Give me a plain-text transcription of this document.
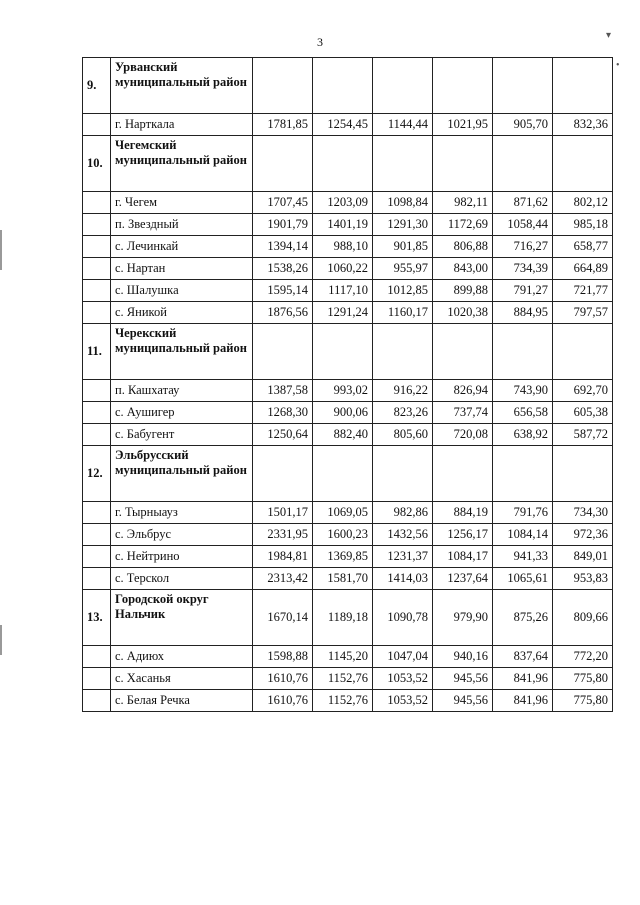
3	▾
•
9.	Урванский муниципальный район						
	г. Нарткала	1781,85	1254,45	1144,44	1021,95	905,70	832,36
10.	Чегемский муниципальный район						
	г. Чегем	1707,45	1203,09	1098,84	982,11	871,62	802,12
	п. Звездный	1901,79	1401,19	1291,30	1172,69	1058,44	985,18
	с. Лечинкай	1394,14	988,10	901,85	806,88	716,27	658,77
	с. Нартан	1538,26	1060,22	955,97	843,00	734,39	664,89
	с. Шалушка	1595,14	1117,10	1012,85	899,88	791,27	721,77
	с. Яникой	1876,56	1291,24	1160,17	1020,38	884,95	797,57
11.	Черекский муниципальный район						
	п. Кашхатау	1387,58	993,02	916,22	826,94	743,90	692,70
	с. Аушигер	1268,30	900,06	823,26	737,74	656,58	605,38
	с. Бабугент	1250,64	882,40	805,60	720,08	638,92	587,72
12.	Эльбрусский муниципальный район						
	г. Тырныауз	1501,17	1069,05	982,86	884,19	791,76	734,30
	с. Эльбрус	2331,95	1600,23	1432,56	1256,17	1084,14	972,36
	с. Нейтрино	1984,81	1369,85	1231,37	1084,17	941,33	849,01
	с. Терскол	2313,42	1581,70	1414,03	1237,64	1065,61	953,83
13.	Городской округ Нальчик	1670,14	1189,18	1090,78	979,90	875,26	809,66
	с. Адиюх	1598,88	1145,20	1047,04	940,16	837,64	772,20
	с. Хасанья	1610,76	1152,76	1053,52	945,56	841,96	775,80
	с. Белая Речка	1610,76	1152,76	1053,52	945,56	841,96	775,80
